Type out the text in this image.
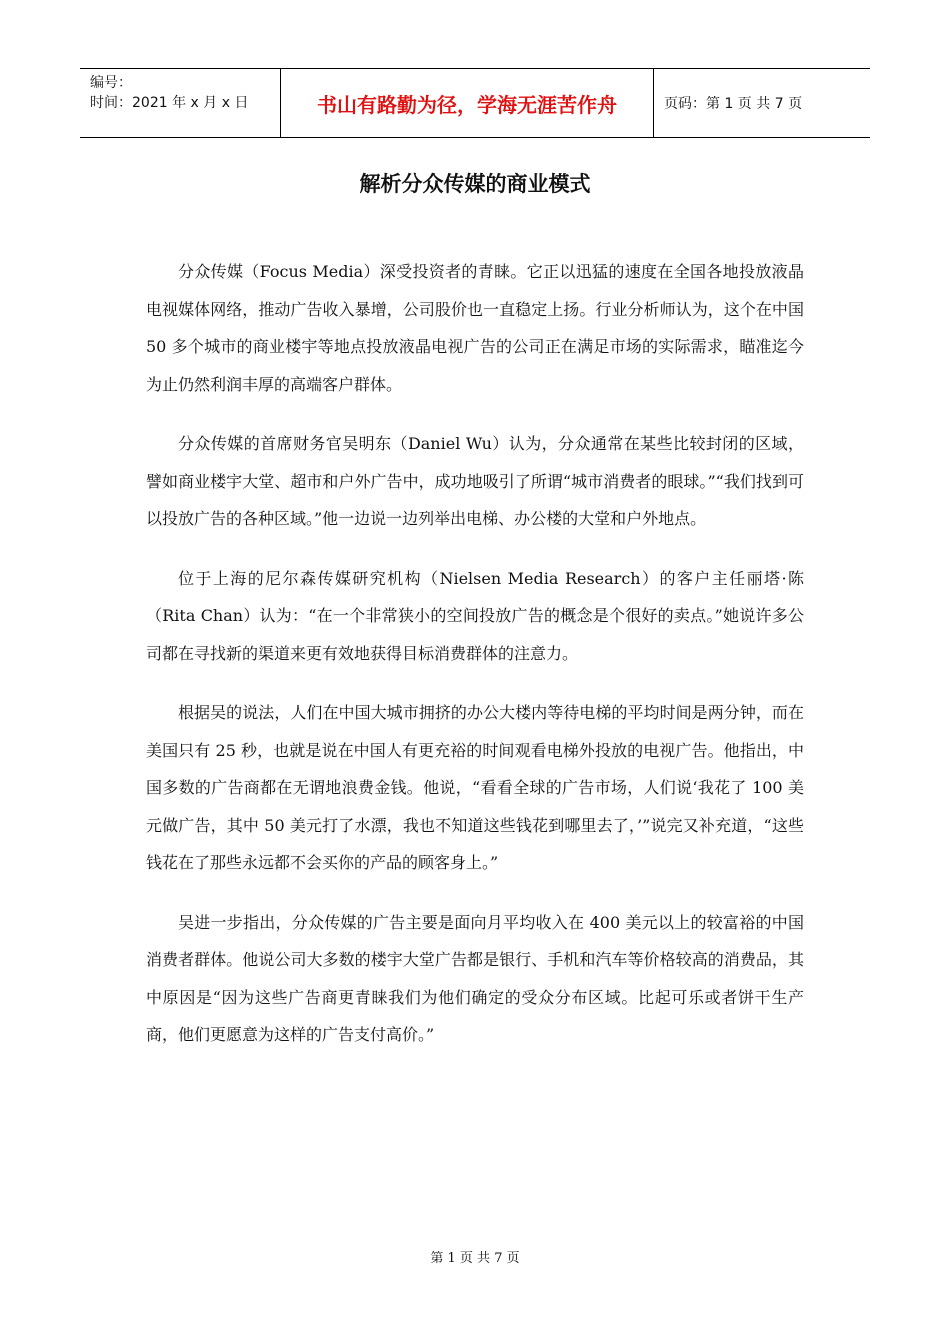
编号：
时间：2021 年 x 月 x 日	书山有路勤为径，学海无涯苦作舟	页码：第 1 页 共 7 页
解析分众传媒的商业模式

分众传媒（Focus Media）深受投资者的青睐。它正以迅猛的速度在全国各地投放液晶电视媒体网络，推动广告收入暴增，公司股价也一直稳定上扬。行业分析师认为，这个在中国 50 多个城市的商业楼宇等地点投放液晶电视广告的公司正在满足市场的实际需求，瞄准迄今为止仍然利润丰厚的高端客户群体。

分众传媒的首席财务官吴明东（Daniel Wu）认为，分众通常在某些比较封闭的区域，譬如商业楼宇大堂、超市和户外广告中，成功地吸引了所谓“城市消费者的眼球。”“我们找到可以投放广告的各种区域。”他一边说一边列举出电梯、办公楼的大堂和户外地点。

位于上海的尼尔森传媒研究机构（Nielsen Media Research）的客户主任丽塔·陈（Rita Chan）认为：“在一个非常狭小的空间投放广告的概念是个很好的卖点。”她说许多公司都在寻找新的渠道来更有效地获得目标消费群体的注意力。

根据吴的说法，人们在中国大城市拥挤的办公大楼内等待电梯的平均时间是两分钟，而在美国只有 25 秒，也就是说在中国人有更充裕的时间观看电梯外投放的电视广告。他指出，中国多数的广告商都在无谓地浪费金钱。他说，“看看全球的广告市场，人们说‘我花了 100 美元做广告，其中 50 美元打了水漂，我也不知道这些钱花到哪里去了，’”说完又补充道，“这些钱花在了那些永远都不会买你的产品的顾客身上。”

吴进一步指出，分众传媒的广告主要是面向月平均收入在 400 美元以上的较富裕的中国消费者群体。他说公司大多数的楼宇大堂广告都是银行、手机和汽车等价格较高的消费品，其中原因是“因为这些广告商更青睐我们为他们确定的受众分布区域。比起可乐或者饼干生产商，他们更愿意为这样的广告支付高价。”

第 1 页 共 7 页
